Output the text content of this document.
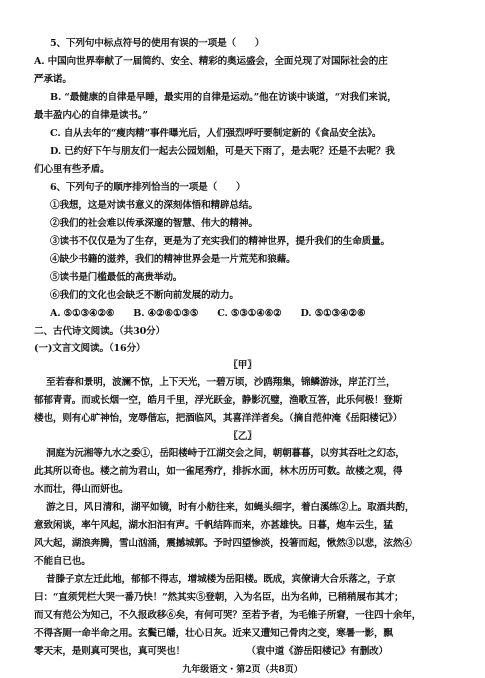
5、下列句中标点符号的使用有误的一项是（　　）
A. 中国向世界奉献了一届简约、安全、精彩的奥运盛会，全面兑现了对国际社会的庄
严承诺。
B. “最健康的自律是早睡，最实用的自律是运动。”他在访谈中谈道，“对我们来说，
最丰盈内心的自律是读书。”
C. 自从去年的“瘦肉精”事件曝光后，人们强烈呼吁要制定新的《食品安全法》。
D. 已约好下午与朋友们一起去公园划船，可是天下雨了，是去呢？还是不去呢？我
们心里有些矛盾。
6、下列句子的顺序排列恰当的一项是（　　）
①我想，这是对读书意义的深刻体悟和精辟总结。
②我们的社会难以传承深邃的智慧、伟大的精神。
③读书不仅仅是为了生存，更是为了充实我们的精神世界，提升我们的生命质量。
④缺少书籍的滋养，我们的精神世界会是一片荒芜和狼藉。
⑤读书是门槛最低的高贵举动。
⑥我们的文化也会缺乏不断向前发展的动力。
A. ⑤①③④②⑥　　B. ④②⑥①③⑤　　C. ⑤③①④⑥②　　D. ⑤①③④②⑥
二、古代诗文阅读。（共30分）
(一)文言文阅读。（16分）
〖甲〗
至若春和景明，波澜不惊，上下天光，一碧万顷，沙鸥翔集，锦鳞游泳，岸芷汀兰，
郁郁青青。而或长烟一空，皓月千里，浮光跃金，静影沉璧，渔歌互答，此乐何极！登斯
楼也，则有心旷神怡，宠辱偕忘，把酒临风，其喜洋洋者矣。（摘自范仲淹《岳阳楼记》）
〖乙〗
洞庭为沅湘等九水之委①，岳阳楼峙于江湖交会之间，朝朝暮暮，以穷其吞吐之幻态，
此其所以奇也。楼之前为君山，如一雀尾秀疗，排拆水面，林木历历可数。故楼之观，得
水而壮，得山而妍也。
游之日，风日清和，湖平如镜，时有小舫往来，如蝇头细字，着白溪练②上。取酒共酌，
意致闲谈，率午风起，湖水汩汩有声。千帆结阵而来，亦甚雄快。日暮，炮车云生，猛
风大起，湖浪奔腾，雪山汹涌，震撼城郭。予时四望惨淡，投箸而起，愀然③以悲，泫然④
不能自已也。
昔滕子京左迁此地，郁郁不得志，增城楼为岳阳楼。既成，宾僚请大合乐落之，子京
曰：“直须凭栏大哭一番乃快！”然其实⑤登朝，入为名臣，出为名帅，已稍稍展布其才；
而又有范公为知己，不久报政移⑥矣，有何可哭？至若予者，为毛锥子所窘，一往四十余年，
不得吝厕一命半命之用。玄鬓已皤，壮心日灰。近来又遭知己骨肉之变，寒暑一影，飘
零天末，是则真可哭也，真可哭也！　　　　　　　（袁中道《游岳阳楼记》有删改）
九年级语文・第2页（共8页）
